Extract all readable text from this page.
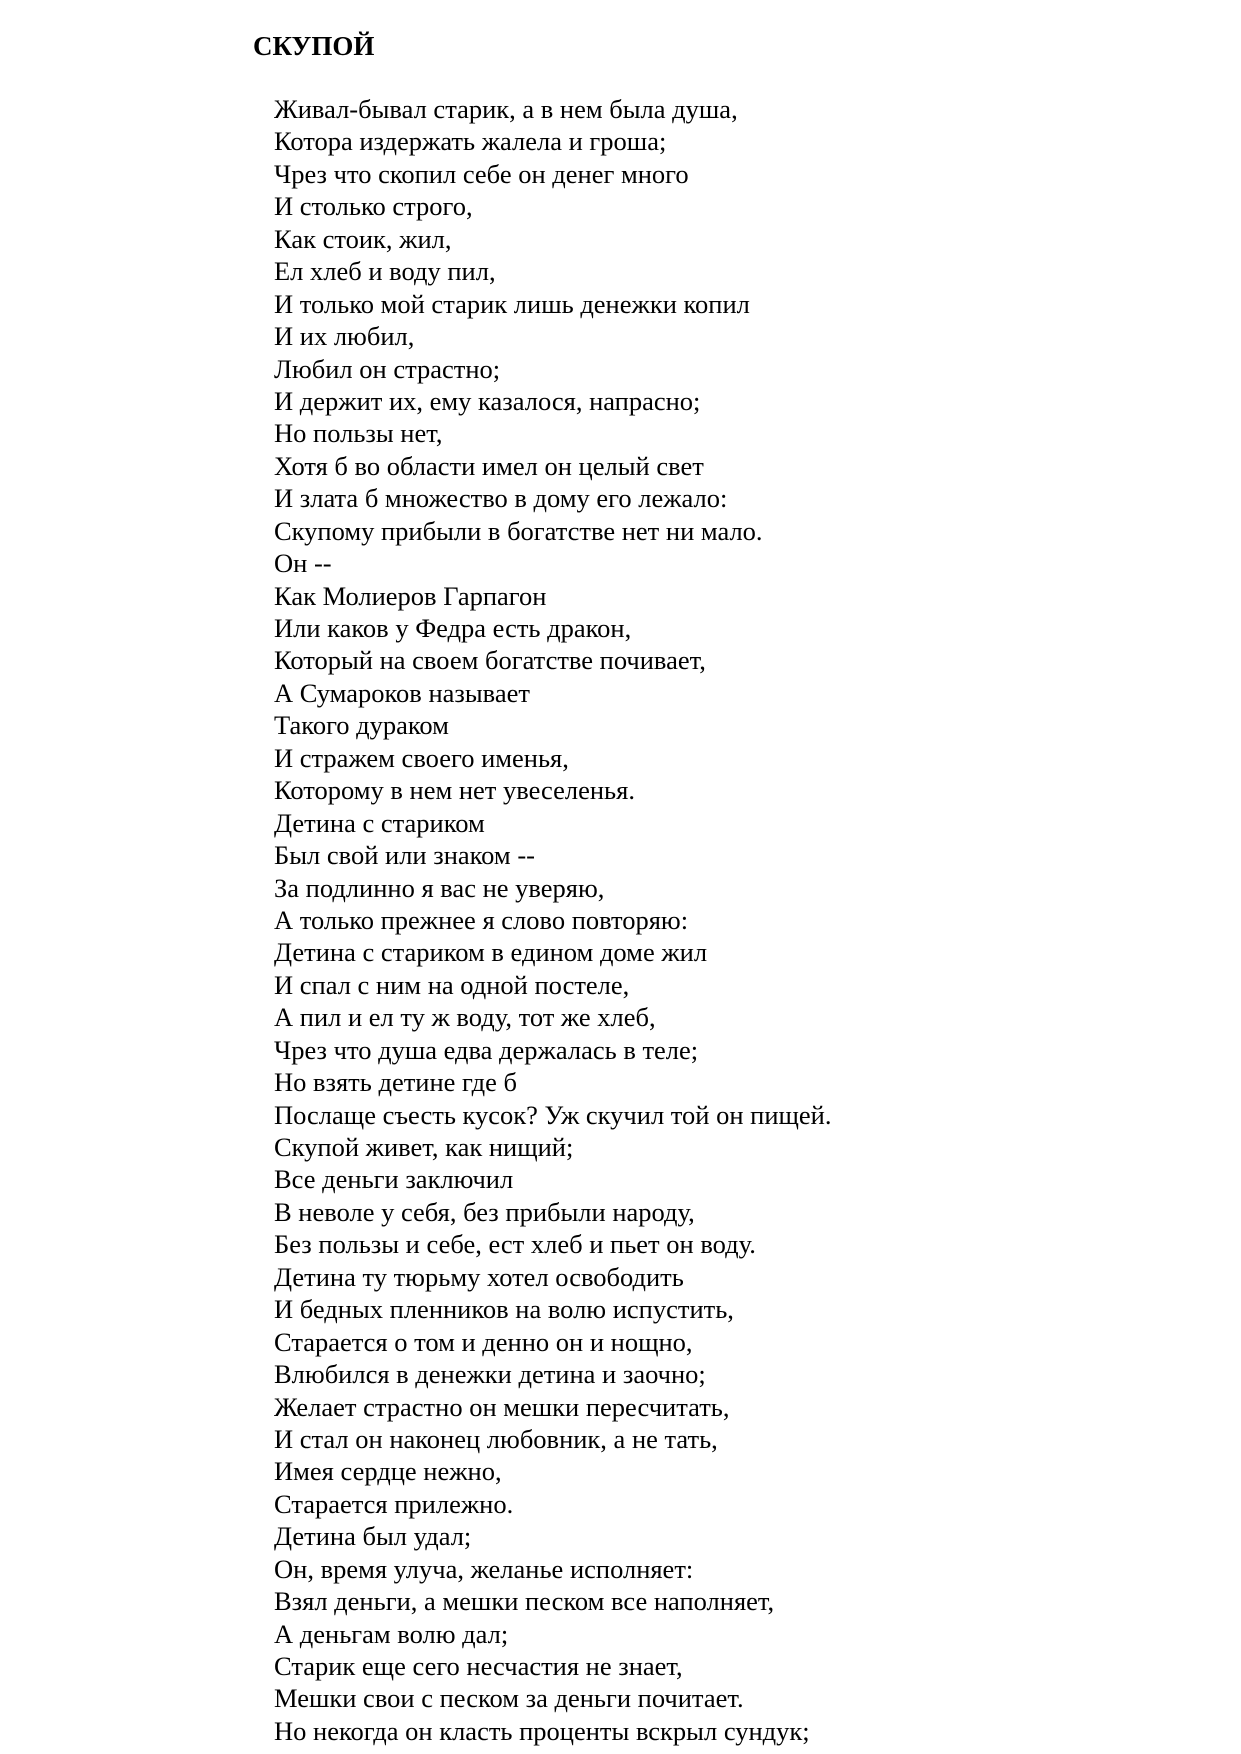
СКУПОЙ
Живал-бывал старик, а в нем была душа,
Котора издержать жалела и гроша;
Чрез что скопил себе он денег много
И столько строго,
Как стоик, жил,
Ел хлеб и воду пил,
И только мой старик лишь денежки копил
И их любил,
Любил он страстно;
И держит их, ему казалося, напрасно;
Но пользы нет,
Хотя б во области имел он целый свет
И злата б множество в дому его лежало:
Скупому прибыли в богатстве нет ни мало.
Он --
Как Молиеров Гарпагон
Или каков у Федра есть дракон,
Который на своем богатстве почивает,
А Сумароков называет
Такого дураком
И стражем своего именья,
Которому в нем нет увеселенья.
Детина с стариком
Был свой или знаком --
За подлинно я вас не уверяю,
А только прежнее я слово повторяю:
Детина с стариком в едином доме жил
И спал с ним на одной постеле,
А пил и ел ту ж воду, тот же хлеб,
Чрез что душа едва держалась в теле;
Но взять детине где б
Послаще съесть кусок? Уж скучил той он пищей.
Скупой живет, как нищий;
Все деньги заключил
В неволе у себя, без прибыли народу,
Без пользы и себе, ест хлеб и пьет он воду.
Детина ту тюрьму хотел освободить
И бедных пленников на волю испустить,
Старается о том и денно он и нощно,
Влюбился в денежки детина и заочно;
Желает страстно он мешки пересчитать,
И стал он наконец любовник, а не тать,
Имея сердце нежно,
Старается прилежно.
Детина был удал;
Он, время улуча, желанье исполняет:
Взял деньги, а мешки песком все наполняет,
А деньгам волю дал;
Старик еще сего несчастия не знает,
Мешки свои с песком за деньги почитает.
Но некогда он класть проценты вскрыл сундук;
